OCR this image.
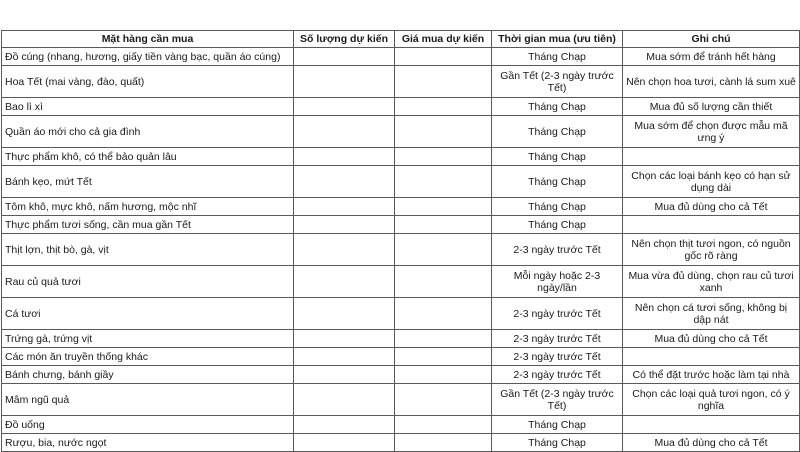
Mặt hàng cần mua	Số lượng dự kiến	Giá mua dự kiến	Thời gian mua (ưu tiên)	Ghi chú
Đồ cúng (nhang, hương, giấy tiền vàng bạc, quần áo cúng)			Tháng Chạp	Mua sớm để tránh hết hàng
Hoa Tết (mai vàng, đào, quất)			Gần Tết (2-3 ngày trước Tết)	Nên chọn hoa tươi, cành lá sum xuê
Bao lì xì			Tháng Chạp	Mua đủ số lượng cần thiết
Quần áo mới cho cả gia đình			Tháng Chạp	Mua sớm để chọn được mẫu mã ưng ý
Thực phẩm khô, có thể bảo quản lâu			Tháng Chạp	
Bánh kẹo, mứt Tết			Tháng Chạp	Chọn các loại bánh kẹo có hạn sử dụng dài
Tôm khô, mực khô, nấm hương, mộc nhĩ			Tháng Chạp	Mua đủ dùng cho cả Tết
Thực phẩm tươi sống, cần mua gần Tết			Tháng Chạp	
Thịt lợn, thịt bò, gà, vịt			2-3 ngày trước Tết	Nên chọn thịt tươi ngon, có nguồn gốc rõ ràng
Rau củ quả tươi			Mỗi ngày hoặc 2-3 ngày/lần	Mua vừa đủ dùng, chọn rau củ tươi xanh
Cá tươi			2-3 ngày trước Tết	Nên chọn cá tươi sống, không bị dập nát
Trứng gà, trứng vịt			2-3 ngày trước Tết	Mua đủ dùng cho cả Tết
Các món ăn truyền thống khác			2-3 ngày trước Tết	
Bánh chưng, bánh giầy			2-3 ngày trước Tết	Có thể đặt trước hoặc làm tại nhà
Mâm ngũ quả			Gần Tết (2-3 ngày trước Tết)	Chọn các loại quả tươi ngon, có ý nghĩa
Đồ uống			Tháng Chạp	
Rượu, bia, nước ngọt			Tháng Chạp	Mua đủ dùng cho cả Tết
